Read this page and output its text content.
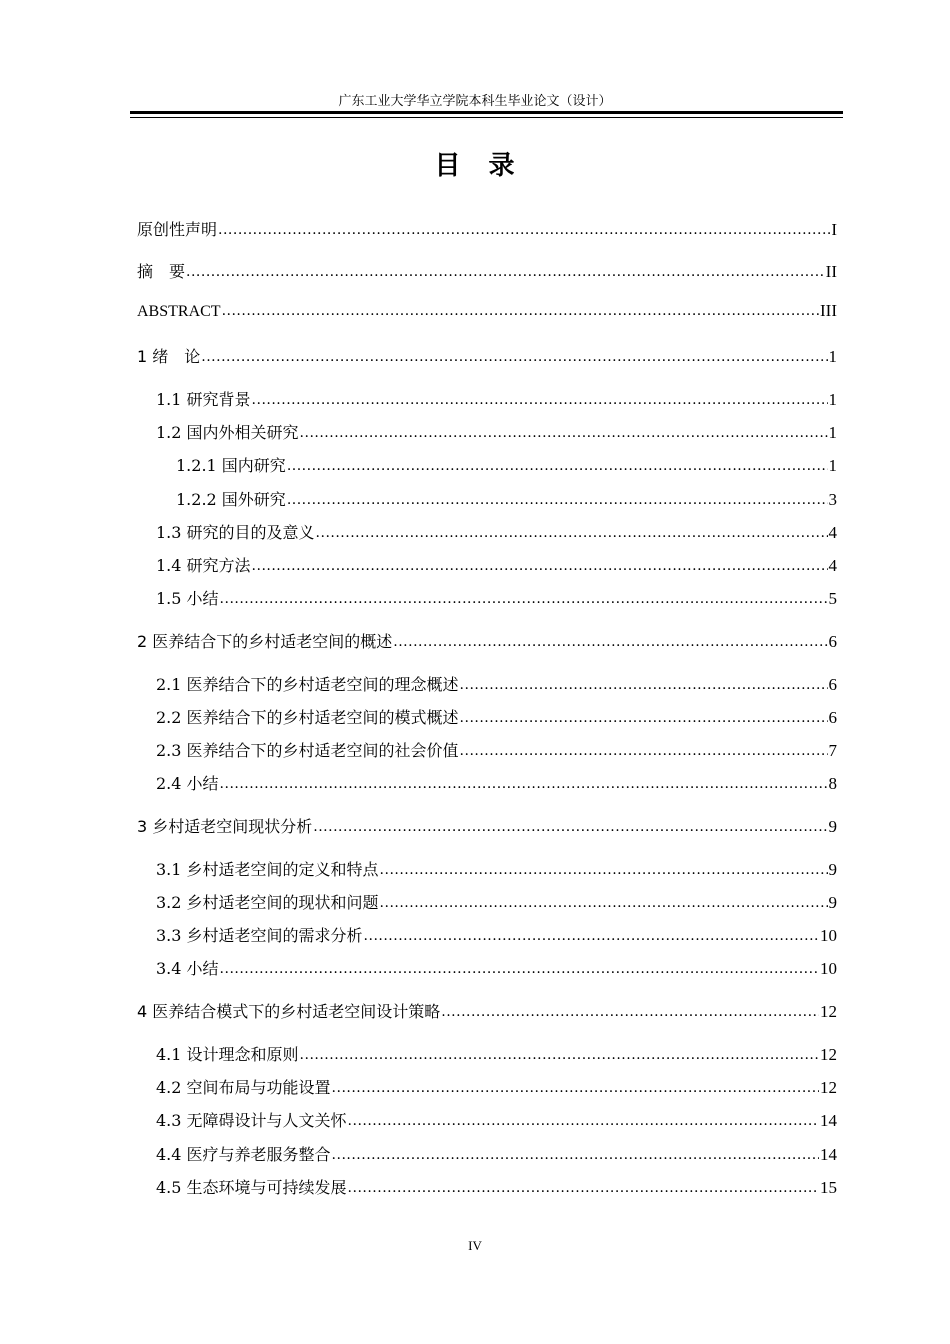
广东工业大学华立学院本科生毕业论文（设计）
目　录
原创性声明 .....	I
摘　要 .....	II
ABSTRACT .....	III
1 绪　论 .....	1
1.1 研究背景 .....	1
1.2 国内外相关研究 .....	1
1.2.1 国内研究 .....	1
1.2.2 国外研究 .....	3
1.3 研究的目的及意义 .....	4
1.4 研究方法 .....	4
1.5 小结 .....	5
2 医养结合下的乡村适老空间的概述 .....	6
2.1 医养结合下的乡村适老空间的理念概述 .....	6
2.2 医养结合下的乡村适老空间的模式概述 .....	6
2.3 医养结合下的乡村适老空间的社会价值 .....	7
2.4 小结 .....	8
3 乡村适老空间现状分析 .....	9
3.1 乡村适老空间的定义和特点 .....	9
3.2 乡村适老空间的现状和问题 .....	9
3.3 乡村适老空间的需求分析 .....	10
3.4 小结 .....	10
4 医养结合模式下的乡村适老空间设计策略 .....	12
4.1 设计理念和原则 .....	12
4.2 空间布局与功能设置 .....	12
4.3 无障碍设计与人文关怀 .....	14
4.4 医疗与养老服务整合 .....	14
4.5 生态环境与可持续发展 .....	15
IV
